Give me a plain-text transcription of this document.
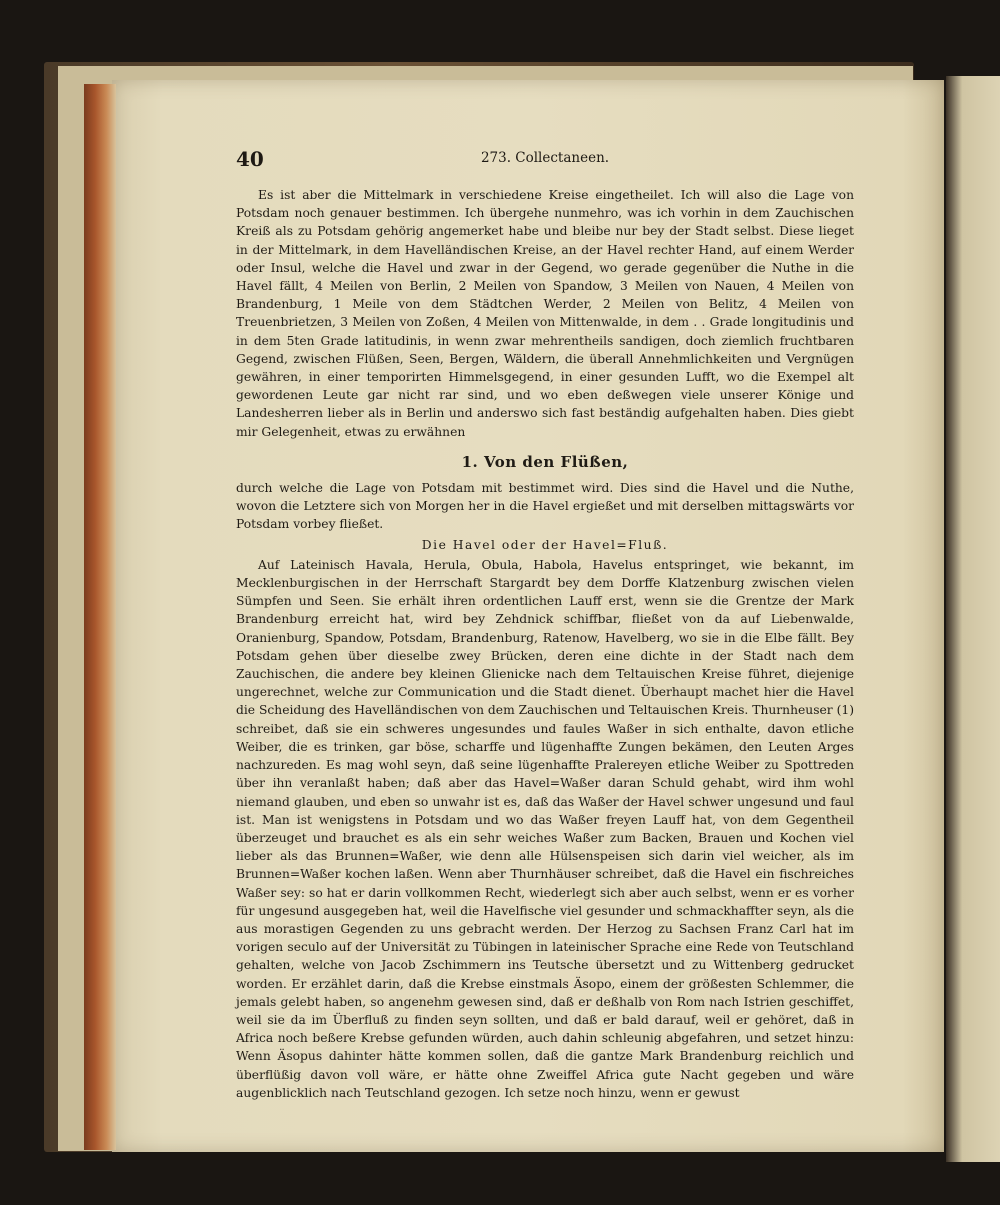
40	273. Collectaneen.

Es ist aber die Mittelmark in verschiedene Kreise eingetheilet. Ich will also die Lage von Potsdam noch genauer bestimmen. Ich übergehe nunmehro, was ich vorhin in dem Zauchischen Kreiß als zu Potsdam gehörig angemerket habe und bleibe nur bey der Stadt selbst. Diese lieget in der Mittelmark, in dem Havelländischen Kreise, an der Havel rechter Hand, auf einem Werder oder Insul, welche die Havel und zwar in der Gegend, wo gerade gegenüber die Nuthe in die Havel fällt, 4 Meilen von Berlin, 2 Meilen von Spandow, 3 Meilen von Nauen, 4 Meilen von Brandenburg, 1 Meile von dem Städtchen Werder, 2 Meilen von Belitz, 4 Meilen von Treuenbrietzen, 3 Meilen von Zoßen, 4 Meilen von Mittenwalde, in dem . . Grade longitudinis und in dem 5ten Grade latitudinis, in wenn zwar mehrentheils sandigen, doch ziemlich fruchtbaren Gegend, zwischen Flüßen, Seen, Bergen, Wäldern, die überall Annehmlichkeiten und Vergnügen gewähren, in einer temporirten Himmelsgegend, in einer gesunden Lufft, wo die Exempel alt gewordenen Leute gar nicht rar sind, und wo eben deßwegen viele unserer Könige und Landesherren lieber als in Berlin und anderswo sich fast beständig aufgehalten haben. Dies giebt mir Gelegenheit, etwas zu erwähnen

1. Von den Flüßen,

durch welche die Lage von Potsdam mit bestimmet wird. Dies sind die Havel und die Nuthe, wovon die Letztere sich von Morgen her in die Havel ergießet und mit derselben mittagswärts vor Potsdam vorbey fließet.

Die Havel oder der Havel=Fluß.

Auf Lateinisch Havala, Herula, Obula, Habola, Havelus entspringet, wie bekannt, im Mecklenburgischen in der Herrschaft Stargardt bey dem Dorffe Klatzenburg zwischen vielen Sümpfen und Seen. Sie erhält ihren ordentlichen Lauff erst, wenn sie die Grentze der Mark Brandenburg erreicht hat, wird bey Zehdnick schiffbar, fließet von da auf Liebenwalde, Oranienburg, Spandow, Potsdam, Brandenburg, Ratenow, Havelberg, wo sie in die Elbe fällt. Bey Potsdam gehen über dieselbe zwey Brücken, deren eine dichte in der Stadt nach dem Zauchischen, die andere bey kleinen Glienicke nach dem Teltauischen Kreise führet, diejenige ungerechnet, welche zur Communication und die Stadt dienet. Überhaupt machet hier die Havel die Scheidung des Havelländischen von dem Zauchischen und Teltauischen Kreis. Thurnheuser (1) schreibet, daß sie ein schweres ungesundes und faules Waßer in sich enthalte, davon etliche Weiber, die es trinken, gar böse, scharffe und lügenhaffte Zungen bekämen, den Leuten Arges nachzureden. Es mag wohl seyn, daß seine lügenhaffte Pralereyen etliche Weiber zu Spottreden über ihn veranlaßt haben; daß aber das Havel=Waßer daran Schuld gehabt, wird ihm wohl niemand glauben, und eben so unwahr ist es, daß das Waßer der Havel schwer ungesund und faul ist. Man ist wenigstens in Potsdam und wo das Waßer freyen Lauff hat, von dem Gegentheil überzeuget und brauchet es als ein sehr weiches Waßer zum Backen, Brauen und Kochen viel lieber als das Brunnen=Waßer, wie denn alle Hülsenspeisen sich darin viel weicher, als im Brunnen=Waßer kochen laßen. Wenn aber Thurnhäuser schreibet, daß die Havel ein fischreiches Waßer sey: so hat er darin vollkommen Recht, wiederlegt sich aber auch selbst, wenn er es vorher für ungesund ausgegeben hat, weil die Havelfische viel gesunder und schmackhaffter seyn, als die aus morastigen Gegenden zu uns gebracht werden. Der Herzog zu Sachsen Franz Carl hat im vorigen seculo auf der Universität zu Tübingen in lateinischer Sprache eine Rede von Teutschland gehalten, welche von Jacob Zschimmern ins Teutsche übersetzt und zu Wittenberg gedrucket worden. Er erzählet darin, daß die Krebse einstmals Äsopo, einem der größesten Schlemmer, die jemals gelebt haben, so angenehm gewesen sind, daß er deßhalb von Rom nach Istrien geschiffet, weil sie da im Überfluß zu finden seyn sollten, und daß er bald darauf, weil er gehöret, daß in Africa noch beßere Krebse gefunden würden, auch dahin schleunig abgefahren, und setzet hinzu: Wenn Äsopus dahinter hätte kommen sollen, daß die gantze Mark Brandenburg reichlich und überflüßig davon voll wäre, er hätte ohne Zweiffel Africa gute Nacht gegeben und wäre augenblicklich nach Teutschland gezogen. Ich setze noch hinzu, wenn er gewust
